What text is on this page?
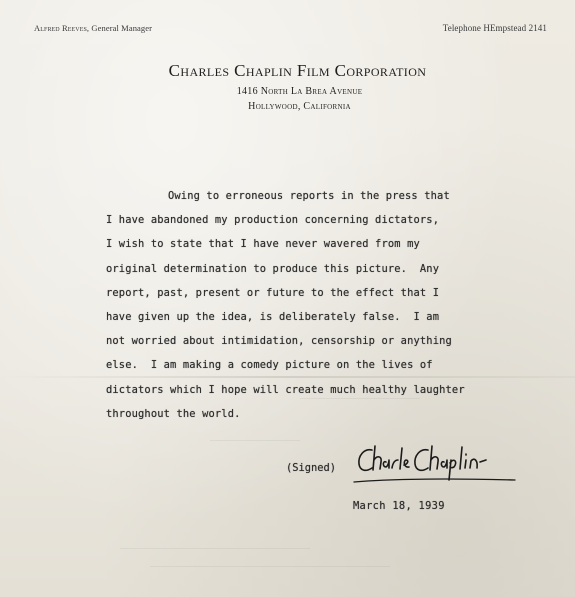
Alfred Reeves, General Manager	Telephone HEmpstead 2141
Charles Chaplin Film Corporation
1416 North La Brea Avenue
Hollywood, California
Owing to erroneous reports in the press that
I have abandoned my production concerning dictators,
I wish to state that I have never wavered from my
original determination to produce this picture.  Any
report, past, present or future to the effect that I
have given up the idea, is deliberately false.  I am
not worried about intimidation, censorship or anything
else.  I am making a comedy picture on the lives of
dictators which I hope will create much healthy laughter
throughout the world.
(Signed)
March 18, 1939
